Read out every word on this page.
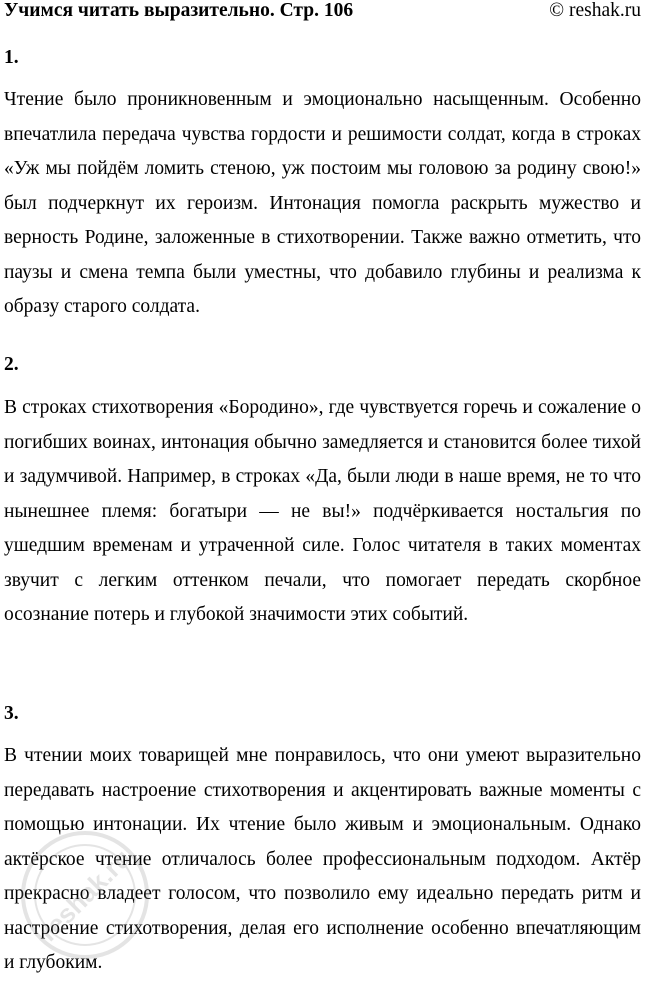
Учимся читать выразительно. Стр. 106	© reshak.ru
1.

Чтение было проникновенным и эмоционально насыщенным. Особенно впечатлила передача чувства гордости и решимости солдат, когда в строках «Уж мы пойдём ломить стеною, уж постоим мы головою за родину свою!» был подчеркнут их героизм. Интонация помогла раскрыть мужество и верность Родине, заложенные в стихотворении. Также важно отметить, что паузы и смена темпа были уместны, что добавило глубины и реализма к образу старого солдата.

2.

В строках стихотворения «Бородино», где чувствуется горечь и сожаление о погибших воинах, интонация обычно замедляется и становится более тихой и задумчивой. Например, в строках «Да, были люди в наше время, не то что нынешнее племя: богатыри — не вы!» подчёркивается ностальгия по ушедшим временам и утраченной силе. Голос читателя в таких моментах звучит с легким оттенком печали, что помогает передать скорбное осознание потерь и глубокой значимости этих событий.

3.

В чтении моих товарищей мне понравилось, что они умеют выразительно передавать настроение стихотворения и акцентировать важные моменты с помощью интонации. Их чтение было живым и эмоциональным. Однако актёрское чтение отличалось более профессиональным подходом. Актёр прекрасно владеет голосом, что позволило ему идеально передать ритм и настроение стихотворения, делая его исполнение особенно впечатляющим и глубоким.

reshak.ru
